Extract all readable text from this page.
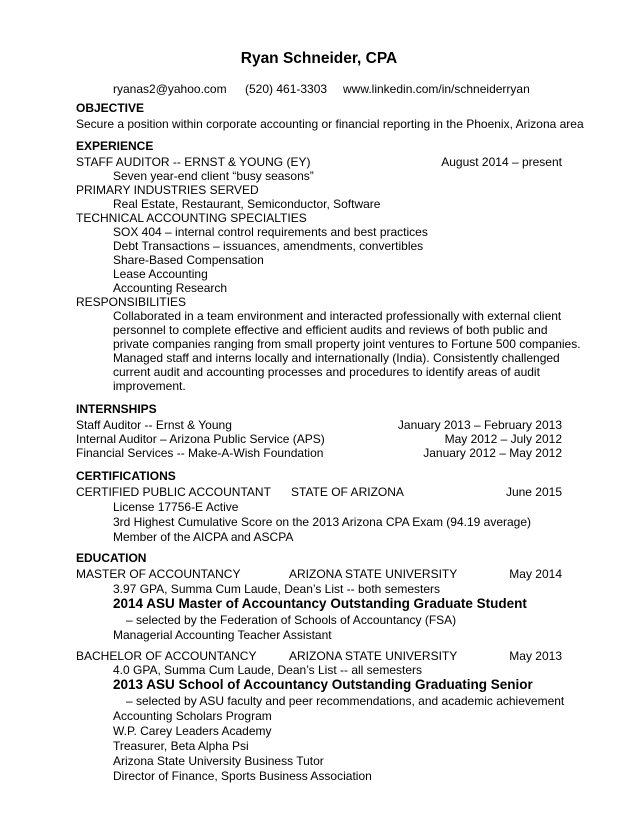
Ryan Schneider, CPA
ryanas2@yahoo.com (520) 461-3303 www.linkedin.com/in/schneiderryan
OBJECTIVE
Secure a position within corporate accounting or financial reporting in the Phoenix, Arizona area
EXPERIENCE
STAFF AUDITOR -- ERNST & YOUNG (EY)	August 2014 – present
Seven year-end client “busy seasons”
PRIMARY INDUSTRIES SERVED
Real Estate, Restaurant, Semiconductor, Software
TECHNICAL ACCOUNTING SPECIALTIES
SOX 404 – internal control requirements and best practices
Debt Transactions – issuances, amendments, convertibles
Share-Based Compensation
Lease Accounting
Accounting Research
RESPONSIBILITIES
Collaborated in a team environment and interacted professionally with external client
personnel to complete effective and efficient audits and reviews of both public and
private companies ranging from small property joint ventures to Fortune 500 companies.
Managed staff and interns locally and internationally (India). Consistently challenged
current audit and accounting processes and procedures to identify areas of audit
improvement.
INTERNSHIPS
Staff Auditor -- Ernst & Young	January 2013 – February 2013
Internal Auditor – Arizona Public Service (APS)	May 2012 – July 2012
Financial Services -- Make-A-Wish Foundation	January 2012 – May 2012
CERTIFICATIONS
CERTIFIED PUBLIC ACCOUNTANT STATE OF ARIZONA	June 2015
License 17756-E Active
3rd Highest Cumulative Score on the 2013 Arizona CPA Exam (94.19 average)
Member of the AICPA and ASCPA
EDUCATION
MASTER OF ACCOUNTANCY	ARIZONA STATE UNIVERSITY	May 2014
3.97 GPA, Summa Cum Laude, Dean’s List -- both semesters
2014 ASU Master of Accountancy Outstanding Graduate Student
– selected by the Federation of Schools of Accountancy (FSA)
Managerial Accounting Teacher Assistant
BACHELOR OF ACCOUNTANCY	ARIZONA STATE UNIVERSITY	May 2013
4.0 GPA, Summa Cum Laude, Dean’s List -- all semesters
2013 ASU School of Accountancy Outstanding Graduating Senior
– selected by ASU faculty and peer recommendations, and academic achievement
Accounting Scholars Program
W.P. Carey Leaders Academy
Treasurer, Beta Alpha Psi
Arizona State University Business Tutor
Director of Finance, Sports Business Association
